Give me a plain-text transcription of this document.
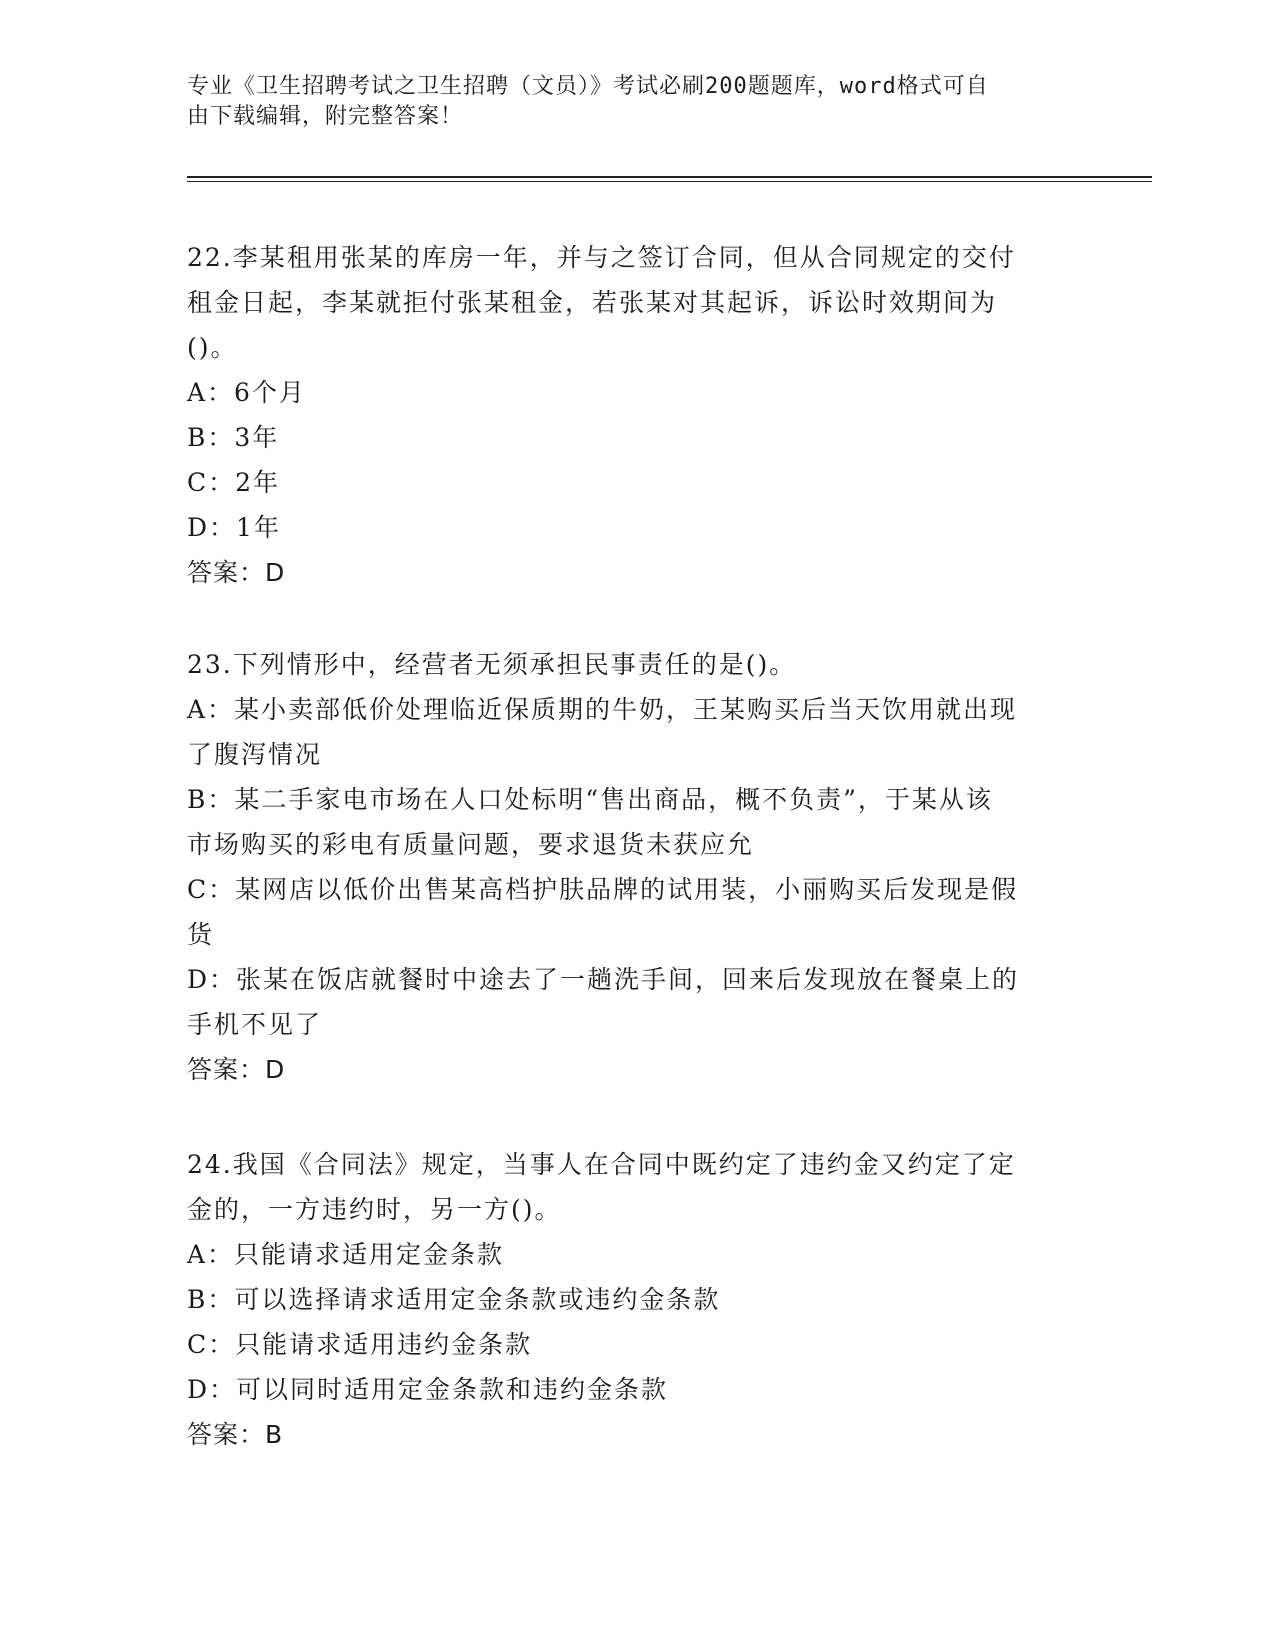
专业《卫生招聘考试之卫生招聘（文员）》考试必刷200题题库，word格式可自
由下载编辑，附完整答案！
22.李某租用张某的库房一年，并与之签订合同，但从合同规定的交付
租金日起，李某就拒付张某租金，若张某对其起诉，诉讼时效期间为
()。
A：6个月
B：3年
C：2年
D：1年
答案：D
23.下列情形中，经营者无须承担民事责任的是()。
A：某小卖部低价处理临近保质期的牛奶，王某购买后当天饮用就出现
了腹泻情况
B：某二手家电市场在人口处标明“售出商品，概不负责”，于某从该
市场购买的彩电有质量问题，要求退货未获应允
C：某网店以低价出售某高档护肤品牌的试用装，小丽购买后发现是假
货
D：张某在饭店就餐时中途去了一趟洗手间，回来后发现放在餐桌上的
手机不见了
答案：D
24.我国《合同法》规定，当事人在合同中既约定了违约金又约定了定
金的，一方违约时，另一方()。
A：只能请求适用定金条款
B：可以选择请求适用定金条款或违约金条款
C：只能请求适用违约金条款
D：可以同时适用定金条款和违约金条款
答案：B
